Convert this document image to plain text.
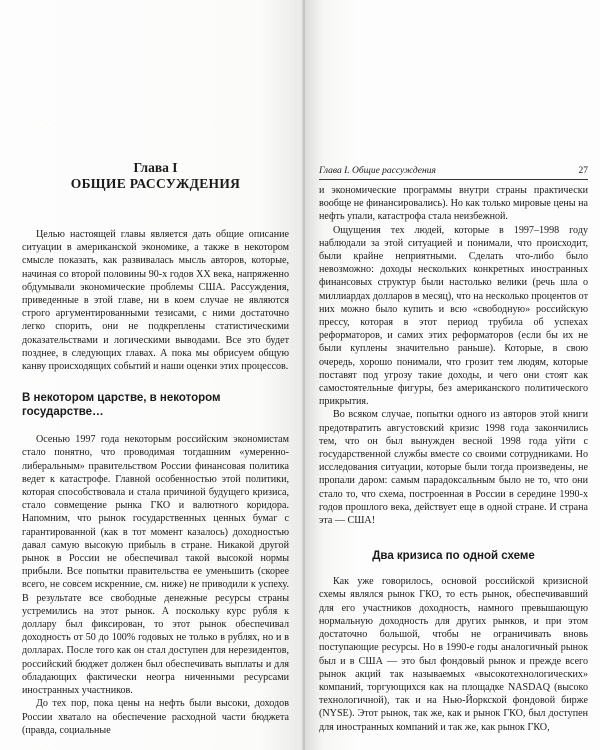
Глава I

ОБЩИЕ РАССУЖДЕНИЯ

Целью настоящей главы является дать общие описание ситуации в американской экономике, а также в некотором смысле показать, как развивалась мысль авторов, которые, начиная со второй половины 90-х годов XX века, напряженно обдумывали экономические проблемы США. Рассуждения, приведенные в этой главе, ни в коем случае не являются строго аргументированными тезисами, с ними достаточно легко спорить, они не подкреплены статистическими доказательствами и логическими выводами. Все это будет позднее, в следующих главах. А пока мы обрисуем общую канву происходящих событий и наши оценки этих процессов.

В некотором царстве, в некотором государстве…

Осенью 1997 года некоторым российским экономистам стало понятно, что проводимая тогдашним «умеренно-либеральным» правительством России финансовая политика ведет к катастрофе. Главной особенностью этой политики, которая способствовала и стала причиной будущего кризиса, стало совмещение рынка ГКО и валютного коридора. Напомним, что рынок государственных ценных бумаг с гарантированной (как в тот момент казалось) доходностью давал самую высокую прибыль в стране. Никакой другой рынок в России не обеспечивал такой высокой нормы прибыли. Все попытки правительства ее уменьшить (скорее всего, не совсем искренние, см. ниже) не приводили к успеху. В результате все свободные денежные ресурсы страны устремились на этот рынок. А поскольку курс рубля к доллару был фиксирован, то этот рынок обеспечивал доходность от 50 до 100% годовых не только в рублях, но и в долларах. После того как он стал доступен для нерезидентов, российский бюджет должен был обеспечивать выплаты и для обладающих фактически неогра ниченными ресурсами иностранных участников.

До тех пор, пока цены на нефть были высоки, доходов России хватало на обеспечение расходной части бюджета (правда, социальные

Глава I. Общие рассуждения	27

и экономические программы внутри страны практически вообще не финансировались). Но как только мировые цены на нефть упали, катастрофа стала неизбежной.

Ощущения тех людей, которые в 1997–1998 году наблюдали за этой ситуацией и понимали, что происходит, были крайне неприятными. Сделать что-либо было невозможно: доходы нескольких конкретных иностранных финансовых структур были настолько велики (речь шла о миллиардах долларов в месяц), что на несколько процентов от них можно было купить и всю «свободную» российскую прессу, которая в этот период трубила об успехах реформаторов, и самих этих реформаторов (если бы их не были куплены значительно раньше). Которые, в свою очередь, хорошо понимали, что грозит тем людям, которые поставят под угрозу такие доходы, и чего они стоят как самостоятельные фигуры, без американского политического прикрытия.

Во всяком случае, попытки одного из авторов этой книги предотвратить августовский кризис 1998 года закончились тем, что он был вынужден весной 1998 года уйти с государственной службы вместе со своими сотрудниками. Но исследования ситуации, которые были тогда произведены, не пропали даром: самым парадоксальным было не то, что они стало то, что схема, построенная в России в середине 1990-х годов прошлого века, действует еще в одной стране. И страна эта — США!

Два кризиса по одной схеме

Как уже говорилось, основой российской кризисной схемы являлся рынок ГКО, то есть рынок, обеспечивавший для его участников доходность, намного превышающую нормальную доходность для других рынков, и при этом достаточно большой, чтобы не ограничивать вновь поступающие ресурсы. Но в 1990-е годы аналогичный рынок был и в США — это был фондовый рынок и прежде всего рынок акций так называемых «высокотехнологических» компаний, торгующихся как на площадке NASDAQ (высоко технологичной), так и на Нью-Йоркской фондовой бирже (NYSE). Этот рынок, так же, как и рынок ГКО, был доступен для иностранных компаний и так же, как рынок ГКО,
